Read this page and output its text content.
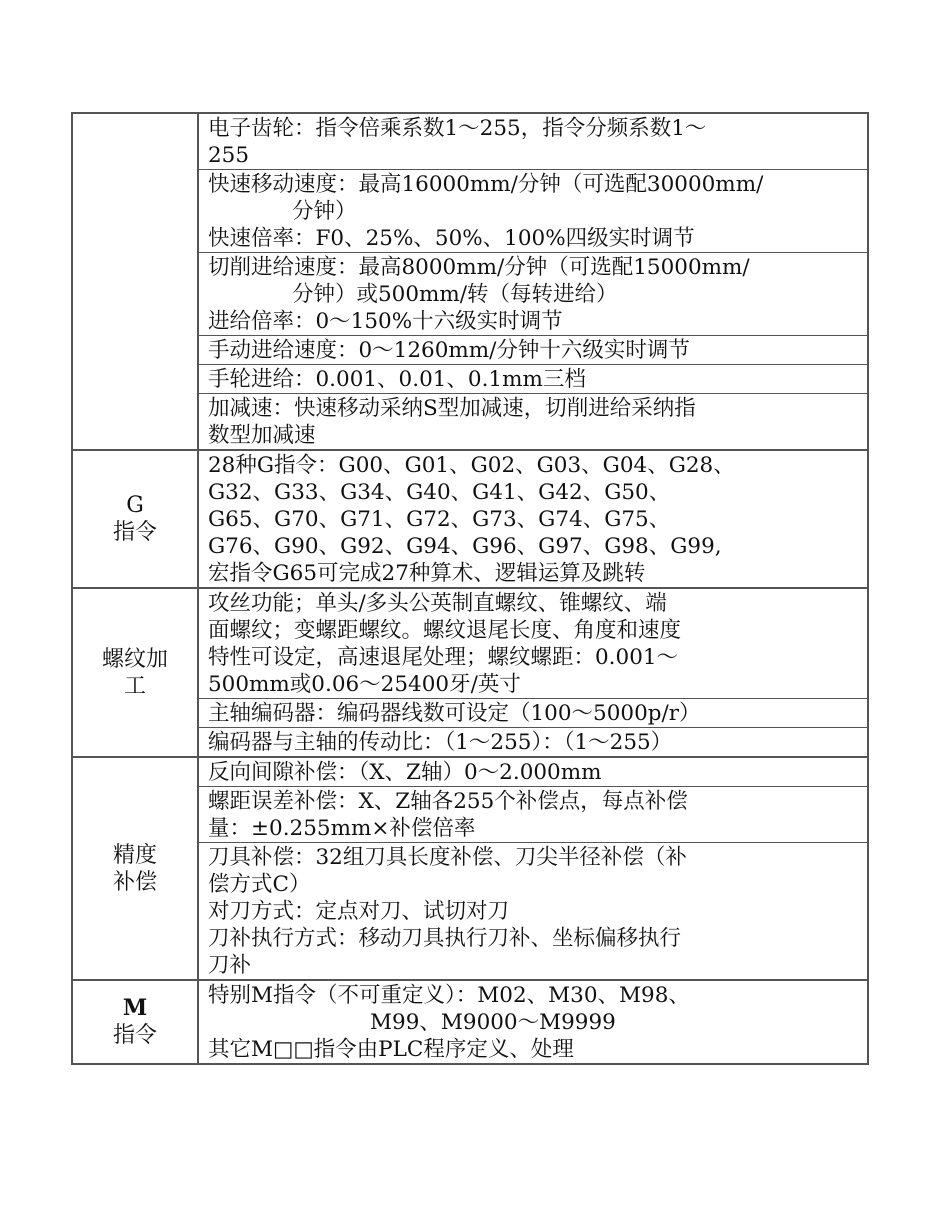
电子齿轮：指令倍乘系数1～255，指令分频系数1～
255
快速移动速度：最高16000mm/分钟（可选配30000mm/
分钟）
快速倍率：F0、25%、50%、100%四级实时调节
切削进给速度：最高8000mm/分钟（可选配15000mm/
分钟）或500mm/转（每转进给）
进给倍率：0～150%十六级实时调节
手动进给速度：0～1260mm/分钟十六级实时调节
手轮进给：0.001、0.01、0.1mm三档
加减速：快速移动采纳S型加减速，切削进给采纳指
数型加减速
G
指令
28种G指令：G00、G01、G02、G03、G04、G28、
G32、G33、G34、G40、G41、G42、G50、
G65、G70、G71、G72、G73、G74、G75、
G76、G90、G92、G94、G96、G97、G98、G99,
宏指令G65可完成27种算术、逻辑运算及跳转
螺纹加
工
攻丝功能；单头/多头公英制直螺纹、锥螺纹、端
面螺纹；变螺距螺纹。螺纹退尾长度、角度和速度
特性可设定，高速退尾处理；螺纹螺距：0.001～
500mm或0.06～25400牙/英寸
主轴编码器：编码器线数可设定（100～5000p/r）
编码器与主轴的传动比：（1～255）：（1～255）
精度
补偿
反向间隙补偿：（X、Z轴）0～2.000mm
螺距误差补偿：X、Z轴各255个补偿点，每点补偿
量：±0.255mm×补偿倍率
刀具补偿：32组刀具长度补偿、刀尖半径补偿（补
偿方式C）
对刀方式：定点对刀、试切对刀
刀补执行方式：移动刀具执行刀补、坐标偏移执行
刀补
M
指令
特别M指令（不可重定义）：M02、M30、M98、
M99、M9000～M9999
其它M□□指令由PLC程序定义、处理
